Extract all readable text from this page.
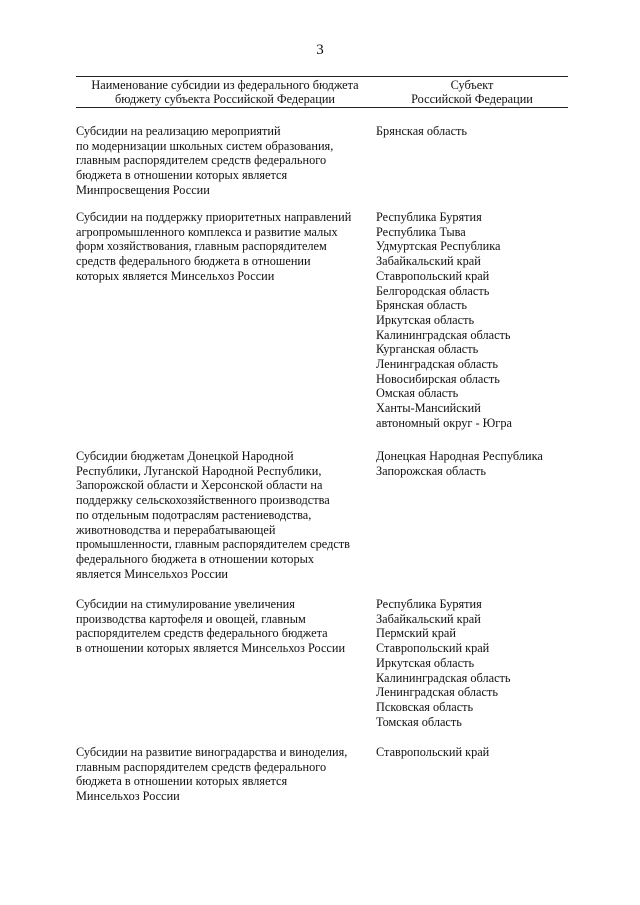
3
Наименование субсидии из федерального бюджета
бюджету субъекта Российской Федерации
Субъект
Российской Федерации
Субсидии на реализацию мероприятий
по модернизации школьных систем образования,
главным распорядителем средств федерального
бюджета в отношении которых является
Минпросвещения России
Брянская область
Субсидии на поддержку приоритетных направлений
агропромышленного комплекса и развитие малых
форм хозяйствования, главным распорядителем
средств федерального бюджета в отношении
которых является Минсельхоз России
Республика Бурятия
Республика Тыва
Удмуртская Республика
Забайкальский край
Ставропольский край
Белгородская область
Брянская область
Иркутская область
Калининградская область
Курганская область
Ленинградская область
Новосибирская область
Омская область
Ханты-Мансийский
автономный округ - Югра
Субсидии бюджетам Донецкой Народной
Республики, Луганской Народной Республики,
Запорожской области и Херсонской области на
поддержку сельскохозяйственного производства
по отдельным подотраслям растениеводства,
животноводства и перерабатывающей
промышленности, главным распорядителем средств
федерального бюджета в отношении которых
является Минсельхоз России
Донецкая Народная Республика
Запорожская область
Субсидии на стимулирование увеличения
производства картофеля и овощей, главным
распорядителем средств федерального бюджета
в отношении которых является Минсельхоз России
Республика Бурятия
Забайкальский край
Пермский край
Ставропольский край
Иркутская область
Калининградская область
Ленинградская область
Псковская область
Томская область
Субсидии на развитие виноградарства и виноделия,
главным распорядителем средств федерального
бюджета в отношении которых является
Минсельхоз России
Ставропольский край
